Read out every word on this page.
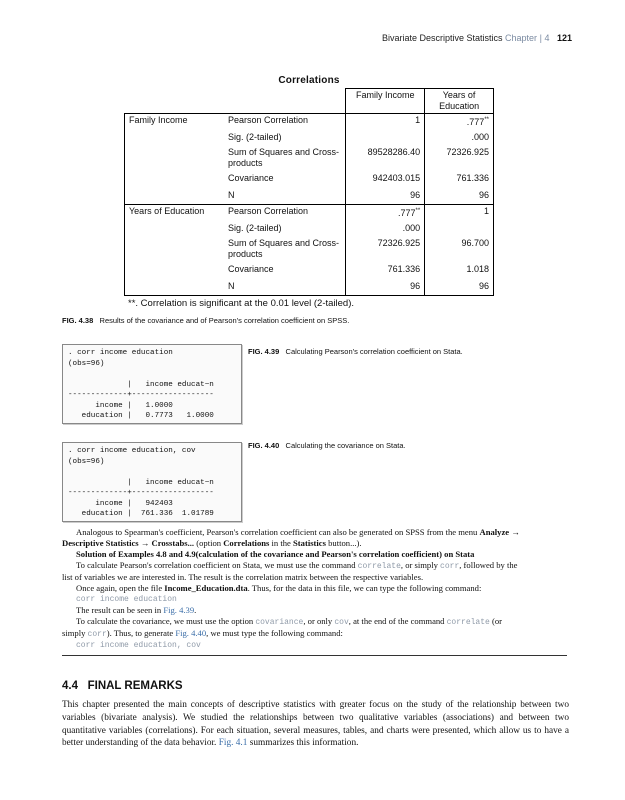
Bivariate Descriptive Statistics Chapter | 4 121
Correlations
		Family Income	Years of Education
Family Income	Pearson Correlation	1	.777**
	Sig. (2-tailed)		.000
	Sum of Squares and Cross-products	89528286.40	72326.925
	Covariance	942403.015	761.336
	N	96	96
Years of Education	Pearson Correlation	.777**	1
	Sig. (2-tailed)	.000	
	Sum of Squares and Cross-products	72326.925	96.700
	Covariance	761.336	1.018
	N	96	96
**. Correlation is significant at the 0.01 level (2-tailed).
FIG. 4.38 Results of the covariance and of Pearson's correlation coefficient on SPSS.
. corr income education
(obs=96)

|   income educat~n
-------------+------------------
income |   1.0000
education |   0.7773   1.0000
FIG. 4.39 Calculating Pearson's correlation coefficient on Stata.
. corr income education, cov
(obs=96)

|   income educat~n
-------------+------------------
income |   942403
education |  761.336  1.01789
FIG. 4.40 Calculating the covariance on Stata.
Analogous to Spearman's coefficient, Pearson's correlation coefficient can also be generated on SPSS from the menu Analyze →
Descriptive Statistics → Crosstabs... (option Correlations in the Statistics button...).
Solution of Examples 4.8 and 4.9(calculation of the covariance and Pearson's correlation coefficient) on Stata
To calculate Pearson's correlation coefficient on Stata, we must use the command correlate, or simply corr, followed by the
list of variables we are interested in. The result is the correlation matrix between the respective variables.
Once again, open the file Income_Education.dta. Thus, for the data in this file, we can type the following command:
corr income education
The result can be seen in Fig. 4.39.
To calculate the covariance, we must use the option covariance, or only cov, at the end of the command correlate (or
simply corr). Thus, to generate Fig. 4.40, we must type the following command:
corr income education, cov
4.4 FINAL REMARKS
This chapter presented the main concepts of descriptive statistics with greater focus on the study of the relationship between two variables (bivariate analysis). We studied the relationships between two qualitative variables (associations) and between two quantitative variables (correlations). For each situation, several measures, tables, and charts were presented, which allow us to have a better understanding of the data behavior. Fig. 4.1 summarizes this information.
